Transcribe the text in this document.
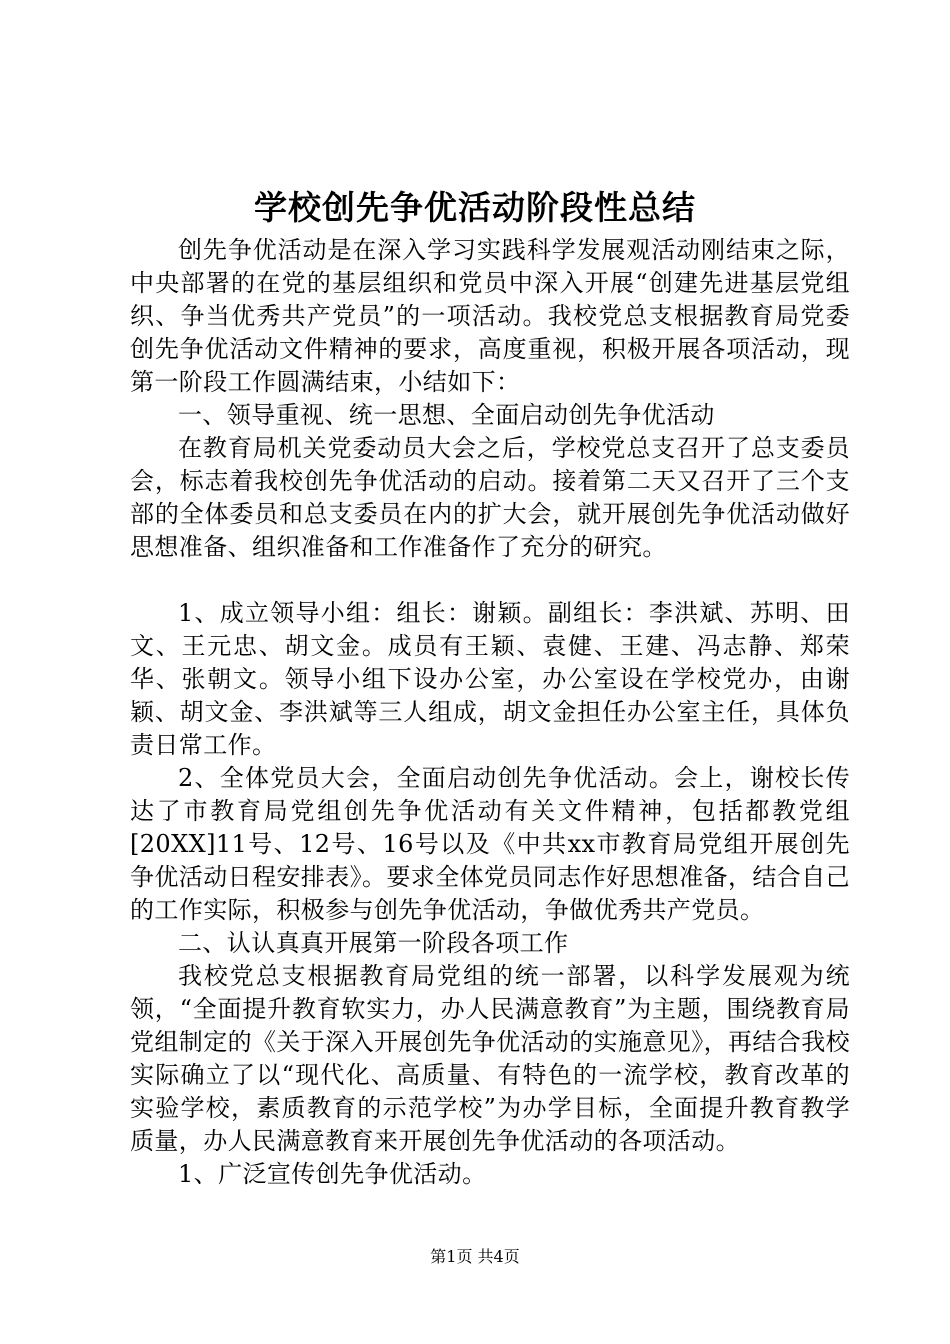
学校创先争优活动阶段性总结

创先争优活动是在深入学习实践科学发展观活动刚结束之际，中央部署的在党的基层组织和党员中深入开展“创建先进基层党组织、争当优秀共产党员”的一项活动。我校党总支根据教育局党委创先争优活动文件精神的要求，高度重视，积极开展各项活动，现第一阶段工作圆满结束，小结如下：

一、领导重视、统一思想、全面启动创先争优活动

在教育局机关党委动员大会之后，学校党总支召开了总支委员会，标志着我校创先争优活动的启动。接着第二天又召开了三个支部的全体委员和总支委员在内的扩大会，就开展创先争优活动做好思想准备、组织准备和工作准备作了充分的研究。

1、成立领导小组：组长：谢颖。副组长：李洪斌、苏明、田文、王元忠、胡文金。成员有王颖、袁健、王建、冯志静、郑荣华、张朝文。领导小组下设办公室，办公室设在学校党办，由谢颖、胡文金、李洪斌等三人组成，胡文金担任办公室主任，具体负责日常工作。

2、全体党员大会，全面启动创先争优活动。会上，谢校长传达了市教育局党组创先争优活动有关文件精神，包括都教党组[20XX]11号、12号、16号以及《中共xx市教育局党组开展创先争优活动日程安排表》。要求全体党员同志作好思想准备，结合自己的工作实际，积极参与创先争优活动，争做优秀共产党员。

二、认认真真开展第一阶段各项工作

我校党总支根据教育局党组的统一部署，以科学发展观为统领，“全面提升教育软实力，办人民满意教育”为主题，围绕教育局党组制定的《关于深入开展创先争优活动的实施意见》，再结合我校实际确立了以“现代化、高质量、有特色的一流学校，教育改革的实验学校，素质教育的示范学校”为办学目标，全面提升教育教学质量，办人民满意教育来开展创先争优活动的各项活动。

1、广泛宣传创先争优活动。

第1页 共4页
